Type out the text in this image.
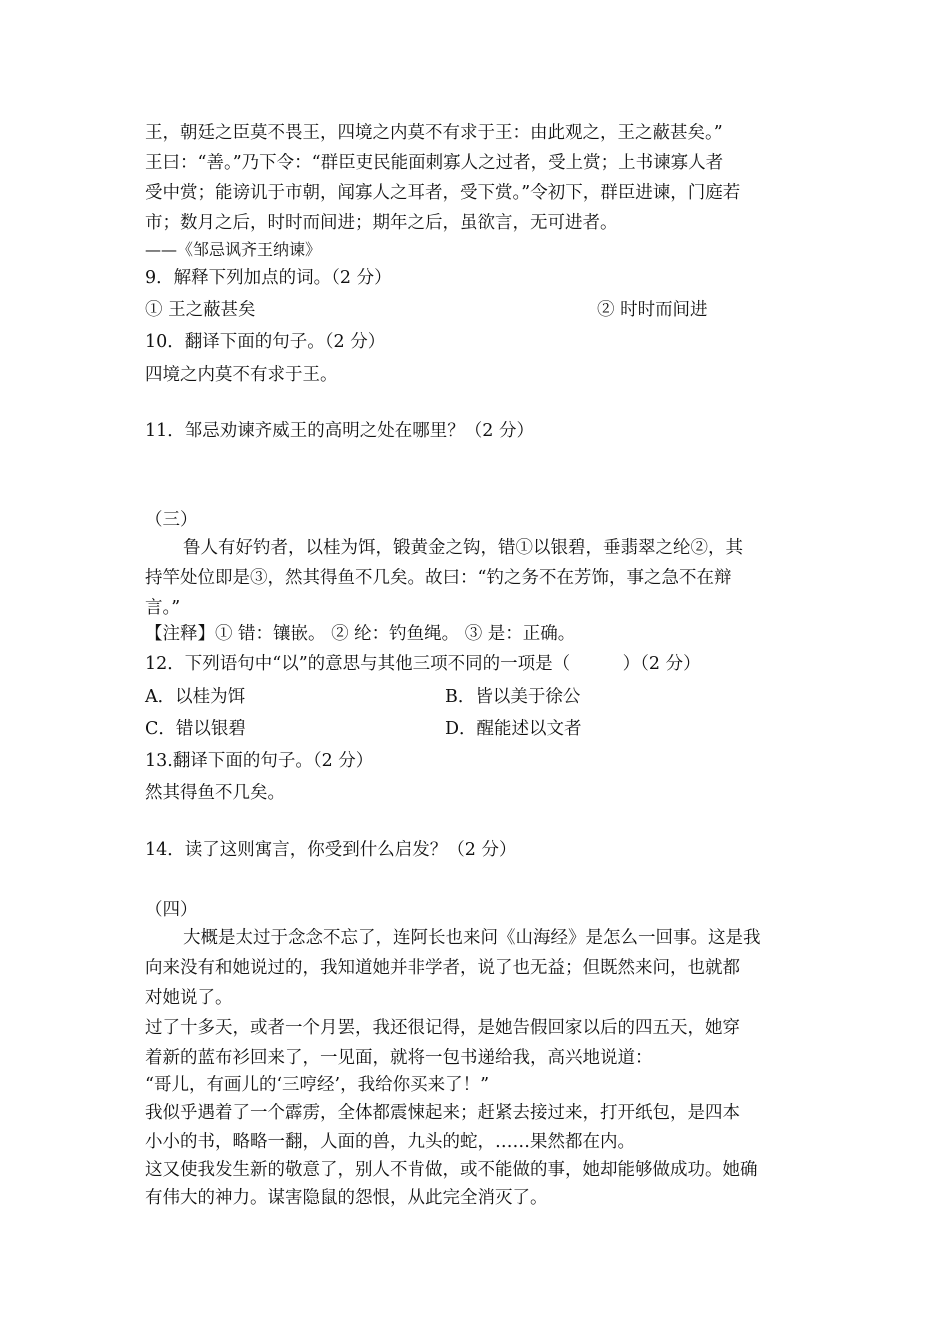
王，朝廷之臣莫不畏王，四境之内莫不有求于王：由此观之，王之蔽甚矣。”
王曰：“善。”乃下令：“群臣吏民能面刺寡人之过者，受上赏；上书谏寡人者
受中赏；能谤讥于市朝，闻寡人之耳者，受下赏。”令初下，群臣进谏，门庭若
市；数月之后，时时而间进；期年之后，虽欲言，无可进者。
——《邹忌讽齐王纳谏》
9．解释下列加点的词。（2 分）
① 王之蔽甚矣	② 时时而间进
10．翻译下面的句子。（2 分）
四境之内莫不有求于王。
11．邹忌劝谏齐威王的高明之处在哪里？（2 分）
（三）
鲁人有好钓者，以桂为饵，锻黄金之钩，错①以银碧，垂翡翠之纶②，其
持竿处位即是③，然其得鱼不几矣。故曰：“钓之务不在芳饰，事之急不在辩
言。”
【注释】① 错：镶嵌。 ② 纶：钓鱼绳。 ③ 是：正确。
12．下列语句中“以”的意思与其他三项不同的一项是（　　　）（2 分）
A．以桂为饵	B．皆以美于徐公
C．错以银碧	D．醒能述以文者
13.翻译下面的句子。（2 分）
然其得鱼不几矣。
14．读了这则寓言，你受到什么启发？（2 分）
（四）
大概是太过于念念不忘了，连阿长也来问《山海经》是怎么一回事。这是我
向来没有和她说过的，我知道她并非学者，说了也无益；但既然来问，也就都
对她说了。
过了十多天，或者一个月罢，我还很记得，是她告假回家以后的四五天，她穿
着新的蓝布衫回来了，一见面，就将一包书递给我，高兴地说道：
“哥儿，有画儿的‘三哼经’，我给你买来了！”
我似乎遇着了一个霹雳，全体都震悚起来；赶紧去接过来，打开纸包，是四本
小小的书，略略一翻，人面的兽，九头的蛇，……果然都在内。
这又使我发生新的敬意了，别人不肯做，或不能做的事，她却能够做成功。她确
有伟大的神力。谋害隐鼠的怨恨，从此完全消灭了。
